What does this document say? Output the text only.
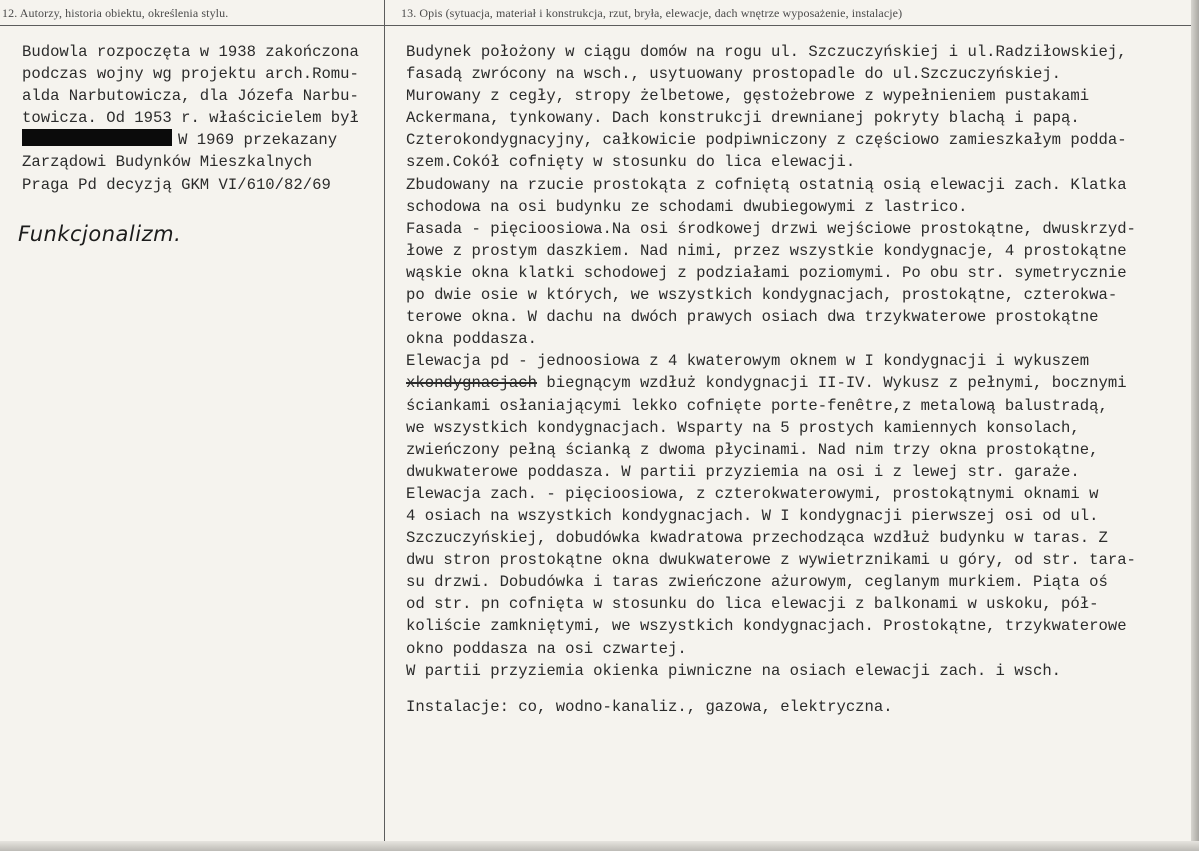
12. Autorzy, historia obiektu, określenia stylu.	13. Opis (sytuacja, materiał i konstrukcja, rzut, bryła, elewacje, dach wnętrze wyposażenie, instalacje)
Budowla rozpoczęta w 1938 zakończona
podczas wojny wg projektu arch.Romu-
alda Narbutowicza, dla Józefa Narbu-
towicza. Od 1953 r. właścicielem był
W 1969 przekazany
Zarządowi Budynków Mieszkalnych
Praga Pd decyzją GKM VI/610/82/69
Funkcjonalizm.
Budynek położony w ciągu domów na rogu ul. Szczuczyńskiej i ul.Radziłowskiej,
fasadą zwrócony na wsch., usytuowany prostopadle do ul.Szczuczyńskiej.
Murowany z cegły, stropy żelbetowe, gęstożebrowe z wypełnieniem pustakami
Ackermana, tynkowany. Dach konstrukcji drewnianej pokryty blachą i papą.
Czterokondygnacyjny, całkowicie podpiwniczony z częściowo zamieszkałym podda-
szem.Cokół cofnięty w stosunku do lica elewacji.
Zbudowany na rzucie prostokąta z cofniętą ostatnią osią elewacji zach. Klatka
schodowa na osi budynku ze schodami dwubiegowymi z lastrico.
Fasada - pięcioosiowa.Na osi środkowej drzwi wejściowe prostokątne, dwuskrzyd-
łowe z prostym daszkiem. Nad nimi, przez wszystkie kondygnacje, 4 prostokątne
wąskie okna klatki schodowej z podziałami poziomymi. Po obu str. symetrycznie
po dwie osie w których, we wszystkich kondygnacjach, prostokątne, czterokwa-
terowe okna. W dachu na dwóch prawych osiach dwa trzykwaterowe prostokątne
okna poddasza.
Elewacja pd - jednoosiowa z 4 kwaterowym oknem w I kondygnacji i wykuszem
xkondygnacjach biegnącym wzdłuż kondygnacji II-IV. Wykusz z pełnymi, bocznymi
ściankami osłaniającymi lekko cofnięte porte-fenêtre,z metalową balustradą,
we wszystkich kondygnacjach. Wsparty na 5 prostych kamiennych konsolach,
zwieńczony pełną ścianką z dwoma płycinami. Nad nim trzy okna prostokątne,
dwukwaterowe poddasza. W partii przyziemia na osi i z lewej str. garaże.
Elewacja zach. - pięcioosiowa, z czterokwaterowymi, prostokątnymi oknami w
4 osiach na wszystkich kondygnacjach. W I kondygnacji pierwszej osi od ul.
Szczuczyńskiej, dobudówka kwadratowa przechodząca wzdłuż budynku w taras. Z
dwu stron prostokątne okna dwukwaterowe z wywietrznikami u góry, od str. tara-
su drzwi. Dobudówka i taras zwieńczone ażurowym, ceglanym murkiem. Piąta oś
od str. pn cofnięta w stosunku do lica elewacji z balkonami w uskoku, pół-
koliście zamkniętymi, we wszystkich kondygnacjach. Prostokątne, trzykwaterowe
okno poddasza na osi czwartej.
W partii przyziemia okienka piwniczne na osiach elewacji zach. i wsch.
Instalacje: co, wodno-kanaliz., gazowa, elektryczna.
